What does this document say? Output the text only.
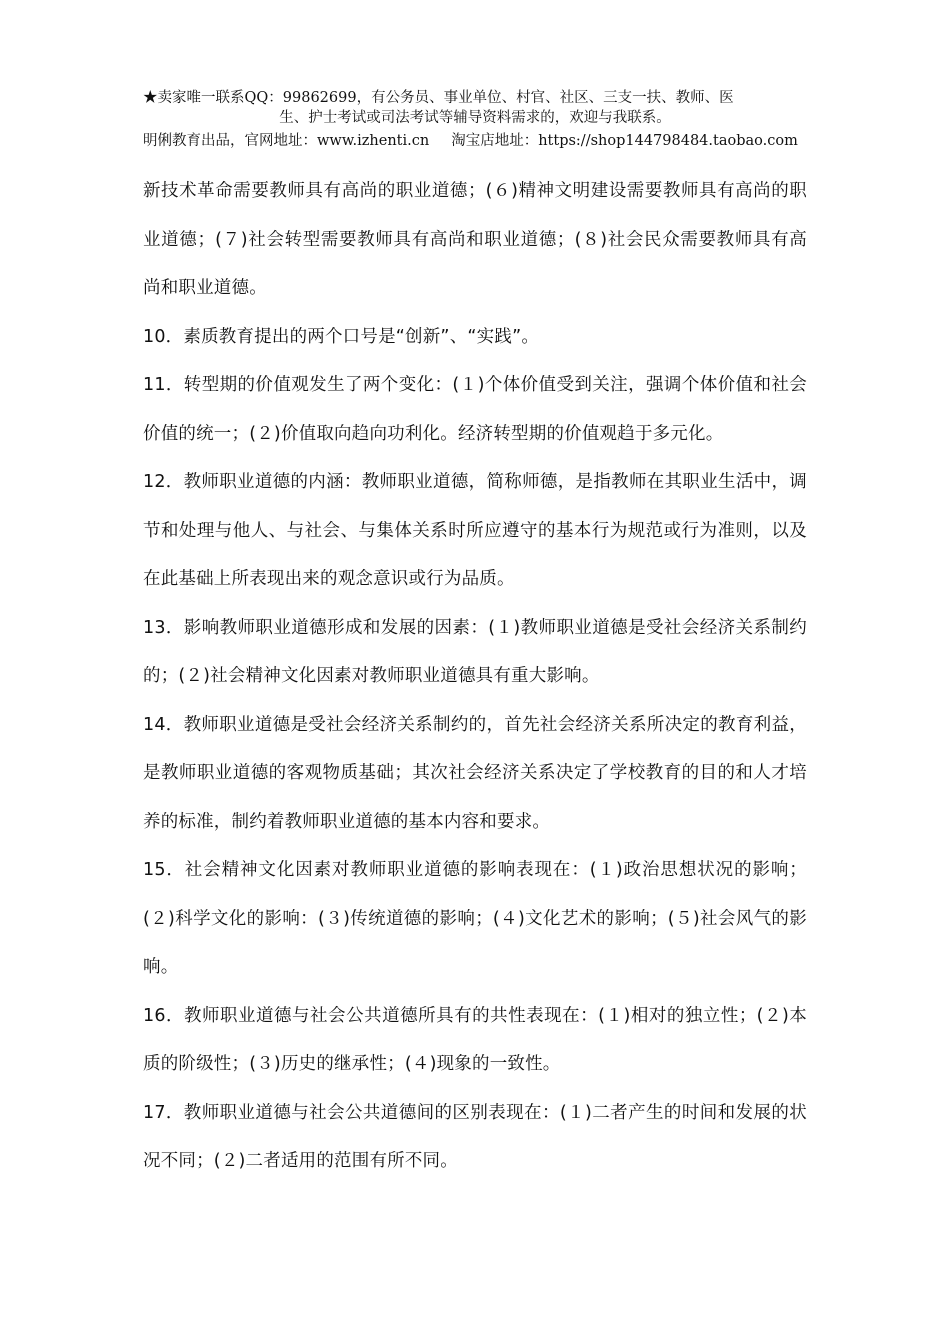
★卖家唯一联系QQ：99862699，有公务员、事业单位、村官、社区、三支一扶、教师、医
生、护士考试或司法考试等辅导资料需求的，欢迎与我联系。
明俐教育出品，官网地址：www.izhenti.cn 淘宝店地址：https://shop144798484.taobao.com

新技术革命需要教师具有高尚的职业道德；(６)精神文明建设需要教师具有高尚的职业道德；(７)社会转型需要教师具有高尚和职业道德；(８)社会民众需要教师具有高尚和职业道德。

10．素质教育提出的两个口号是“创新”、“实践”。

11．转型期的价值观发生了两个变化：(１)个体价值受到关注，强调个体价值和社会价值的统一；(２)价值取向趋向功利化。经济转型期的价值观趋于多元化。

12．教师职业道德的内涵：教师职业道德，简称师德，是指教师在其职业生活中，调节和处理与他人、与社会、与集体关系时所应遵守的基本行为规范或行为准则，以及在此基础上所表现出来的观念意识或行为品质。

13．影响教师职业道德形成和发展的因素：(１)教师职业道德是受社会经济关系制约的；(２)社会精神文化因素对教师职业道德具有重大影响。

14．教师职业道德是受社会经济关系制约的，首先社会经济关系所决定的教育利益，是教师职业道德的客观物质基础；其次社会经济关系决定了学校教育的目的和人才培养的标准，制约着教师职业道德的基本内容和要求。

15．社会精神文化因素对教师职业道德的影响表现在：(１)政治思想状况的影响；(２)科学文化的影响：(３)传统道德的影响；(４)文化艺术的影响；(５)社会风气的影响。

16．教师职业道德与社会公共道德所具有的共性表现在：(１)相对的独立性；(２)本质的阶级性；(３)历史的继承性；(４)现象的一致性。

17．教师职业道德与社会公共道德间的区别表现在：(１)二者产生的时间和发展的状况不同；(２)二者适用的范围有所不同。
